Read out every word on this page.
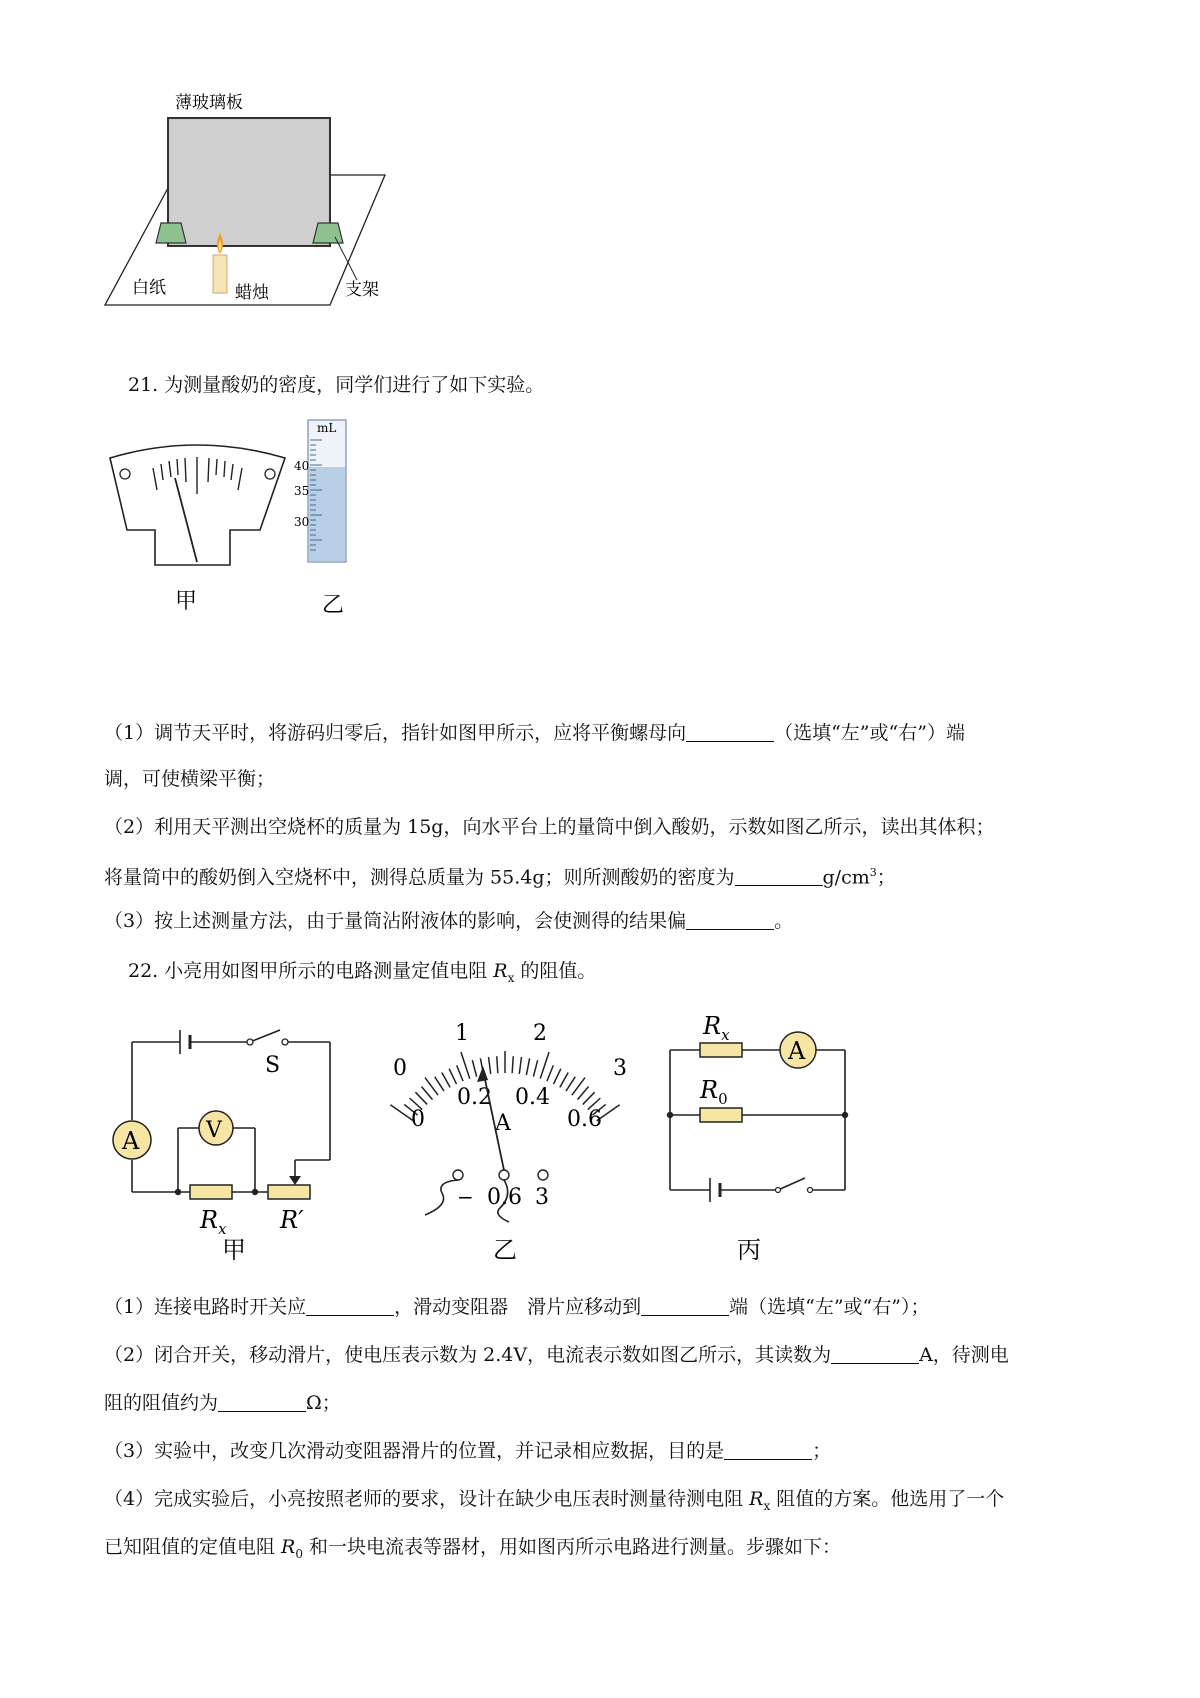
薄玻璃板
白纸	蜡烛	支架
21. 为测量酸奶的密度，同学们进行了如下实验。
甲
mL
40
35
30
乙
（1）调节天平时，将游码归零后，指针如图甲所示，应将平衡螺母向	（选填“左”或“右”）端
调，可使横梁平衡；
（2）利用天平测出空烧杯的质量为 15g，向水平台上的量筒中倒入酸奶，示数如图乙所示，读出其体积；
将量筒中的酸奶倒入空烧杯中，测得总质量为 55.4g；则所测酸奶的密度为	$g/cm^3$；
（3）按上述测量方法，由于量筒沾附液体的影响，会使测得的结果偏	。
22. 小亮用如图甲所示的电路测量定值电阻 $R_x$ 的阻值。
A	V
S
$R_x$ R′
甲
0
1	2
3
0
0.2 0.4
0.6
A
− 0.6 3
乙
A
$R_x$
$R_0$
丙
（1）连接电路时开关应	，滑动变阻器　滑片应移动到	端（选填“左”或“右”）；
（2）闭合开关，移动滑片，使电压表示数为 2.4V，电流表示数如图乙所示，其读数为	A，待测电
阻的阻值约为	Ω；
（3）实验中，改变几次滑动变阻器滑片的位置，并记录相应数据，目的是	；
（4）完成实验后，小亮按照老师的要求，设计在缺少电压表时测量待测电阻 $R_x$ 阻值的方案。他选用了一个
已知阻值的定值电阻 $R_0$ 和一块电流表等器材，用如图丙所示电路进行测量。步骤如下：
